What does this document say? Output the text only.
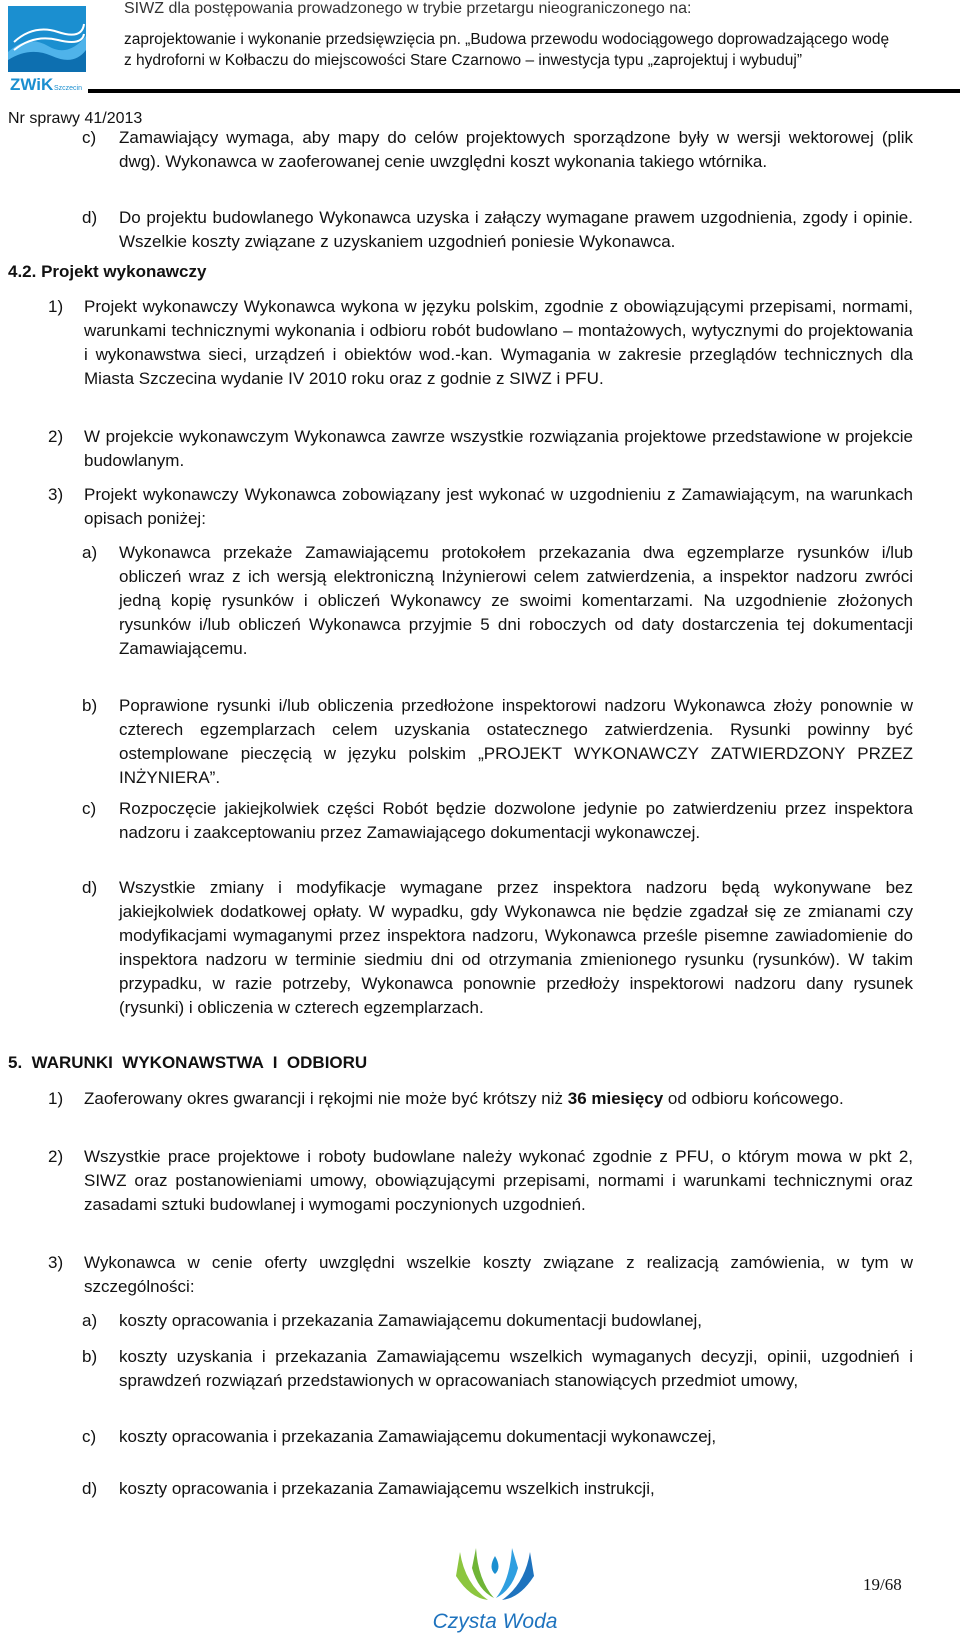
ZWiK Szczecin
SIWZ dla postępowania prowadzonego w trybie przetargu nieograniczonego na:
zaprojektowanie i wykonanie przedsięwzięcia pn. „Budowa przewodu wodociągowego doprowadzającego wodę
z hydroforni w Kołbaczu do miejscowości Stare Czarnowo – inwestycja typu „zaprojektuj i wybuduj”
Nr sprawy 41/2013

c) Zamawiający wymaga, aby mapy do celów projektowych sporządzone były w wersji wektorowej (plik dwg). Wykonawca w zaoferowanej cenie uwzględni koszt wykonania takiego wtórnika.

d) Do projektu budowlanego Wykonawca uzyska i załączy wymagane prawem uzgodnienia, zgody i opinie. Wszelkie koszty związane z uzyskaniem uzgodnień poniesie Wykonawca.

4.2. Projekt wykonawczy

1) Projekt wykonawczy Wykonawca wykona w języku polskim, zgodnie z obowiązującymi przepisami, normami, warunkami technicznymi wykonania i odbioru robót budowlano – montażowych, wytycznymi do projektowania i wykonawstwa sieci, urządzeń i obiektów wod.-kan. Wymagania w zakresie przeglądów technicznych dla Miasta Szczecina wydanie IV 2010 roku oraz z godnie z SIWZ i PFU.

2) W projekcie wykonawczym Wykonawca zawrze wszystkie rozwiązania projektowe przedstawione w projekcie budowlanym.

3) Projekt wykonawczy Wykonawca zobowiązany jest wykonać w uzgodnieniu z Zamawiającym, na warunkach opisach poniżej:

a) Wykonawca przekaże Zamawiającemu protokołem przekazania dwa egzemplarze rysunków i/lub obliczeń wraz z ich wersją elektroniczną Inżynierowi celem zatwierdzenia, a inspektor nadzoru zwróci jedną kopię rysunków i obliczeń Wykonawcy ze swoimi komentarzami. Na uzgodnienie złożonych rysunków i/lub obliczeń Wykonawca przyjmie 5 dni roboczych od daty dostarczenia tej dokumentacji Zamawiającemu.

b) Poprawione rysunki i/lub obliczenia przedłożone inspektorowi nadzoru Wykonawca złoży ponownie w czterech egzemplarzach celem uzyskania ostatecznego zatwierdzenia. Rysunki powinny być ostemplowane pieczęcią w języku polskim „PROJEKT WYKONAWCZY ZATWIERDZONY PRZEZ INŻYNIERA”.

c) Rozpoczęcie jakiejkolwiek części Robót będzie dozwolone jedynie po zatwierdzeniu przez inspektora nadzoru i zaakceptowaniu przez Zamawiającego dokumentacji wykonawczej.

d) Wszystkie zmiany i modyfikacje wymagane przez inspektora nadzoru będą wykonywane bez jakiejkolwiek dodatkowej opłaty. W wypadku, gdy Wykonawca nie będzie zgadzał się ze zmianami czy modyfikacjami wymaganymi przez inspektora nadzoru, Wykonawca prześle pisemne zawiadomienie do inspektora nadzoru w terminie siedmiu dni od otrzymania zmienionego rysunku (rysunków). W takim przypadku, w razie potrzeby, Wykonawca ponownie przedłoży inspektorowi nadzoru dany rysunek (rysunki) i obliczenia w czterech egzemplarzach.

5.  WARUNKI  WYKONAWSTWA  I  ODBIORU

1) Zaoferowany okres gwarancji i rękojmi nie może być krótszy niż 36 miesięcy od odbioru końcowego.

2) Wszystkie prace projektowe i roboty budowlane należy wykonać zgodnie z PFU, o którym mowa w pkt 2, SIWZ oraz postanowieniami umowy, obowiązującymi przepisami, normami i warunkami technicznymi oraz zasadami sztuki budowlanej i wymogami poczynionych uzgodnień.

3) Wykonawca w cenie oferty uwzględni wszelkie koszty związane z realizacją zamówienia, w tym w szczególności:

a) koszty opracowania i przekazania Zamawiającemu dokumentacji budowlanej,

b) koszty uzyskania i przekazania Zamawiającemu wszelkich wymaganych decyzji, opinii, uzgodnień i sprawdzeń rozwiązań przedstawionych w opracowaniach stanowiących przedmiot umowy,

c) koszty opracowania i przekazania Zamawiającemu dokumentacji wykonawczej,

d) koszty opracowania i przekazania Zamawiającemu wszelkich instrukcji,

Czysta Woda
19/68
